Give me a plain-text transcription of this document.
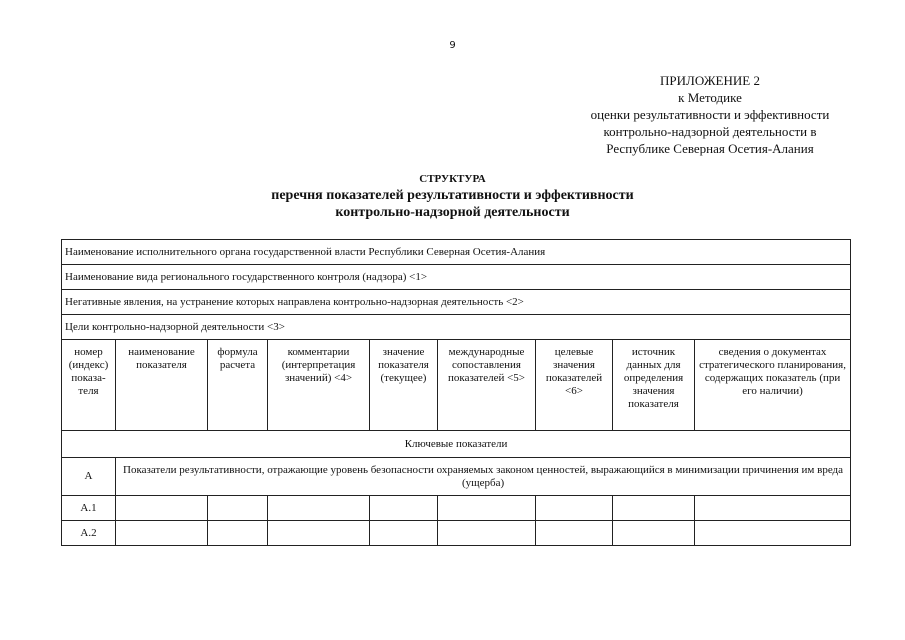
9
ПРИЛОЖЕНИЕ 2
к Методике
оценки результативности и эффективности
контрольно-надзорной деятельности в
Республике Северная Осетия-Алания
СТРУКТУРА
перечня показателей результативности и эффективности
контрольно-надзорной деятельности
Наименование исполнительного органа государственной власти Республики Северная Осетия-Алания								
Наименование вида регионального государственного контроля (надзора) <1>								
Негативные явления, на устранение которых направлена контрольно-надзорная деятельность <2>								
Цели контрольно-надзорной деятельности <3>								
номер (индекс) показа-теля	наименование показателя	формула расчета	комментарии (интерпретация значений) <4>	значение показателя (текущее)	международные сопоставления показателей <5>	целевые значения показателей <6>	источник данных для определения значения показателя	сведения о документах стратегического планирования, содержащих показатель (при его наличии)
Ключевые показатели								
А	Показатели результативности, отражающие уровень безопасности охраняемых законом ценностей, выражающийся в минимизации причинения им вреда (ущерба)							
А.1								
А.2								
